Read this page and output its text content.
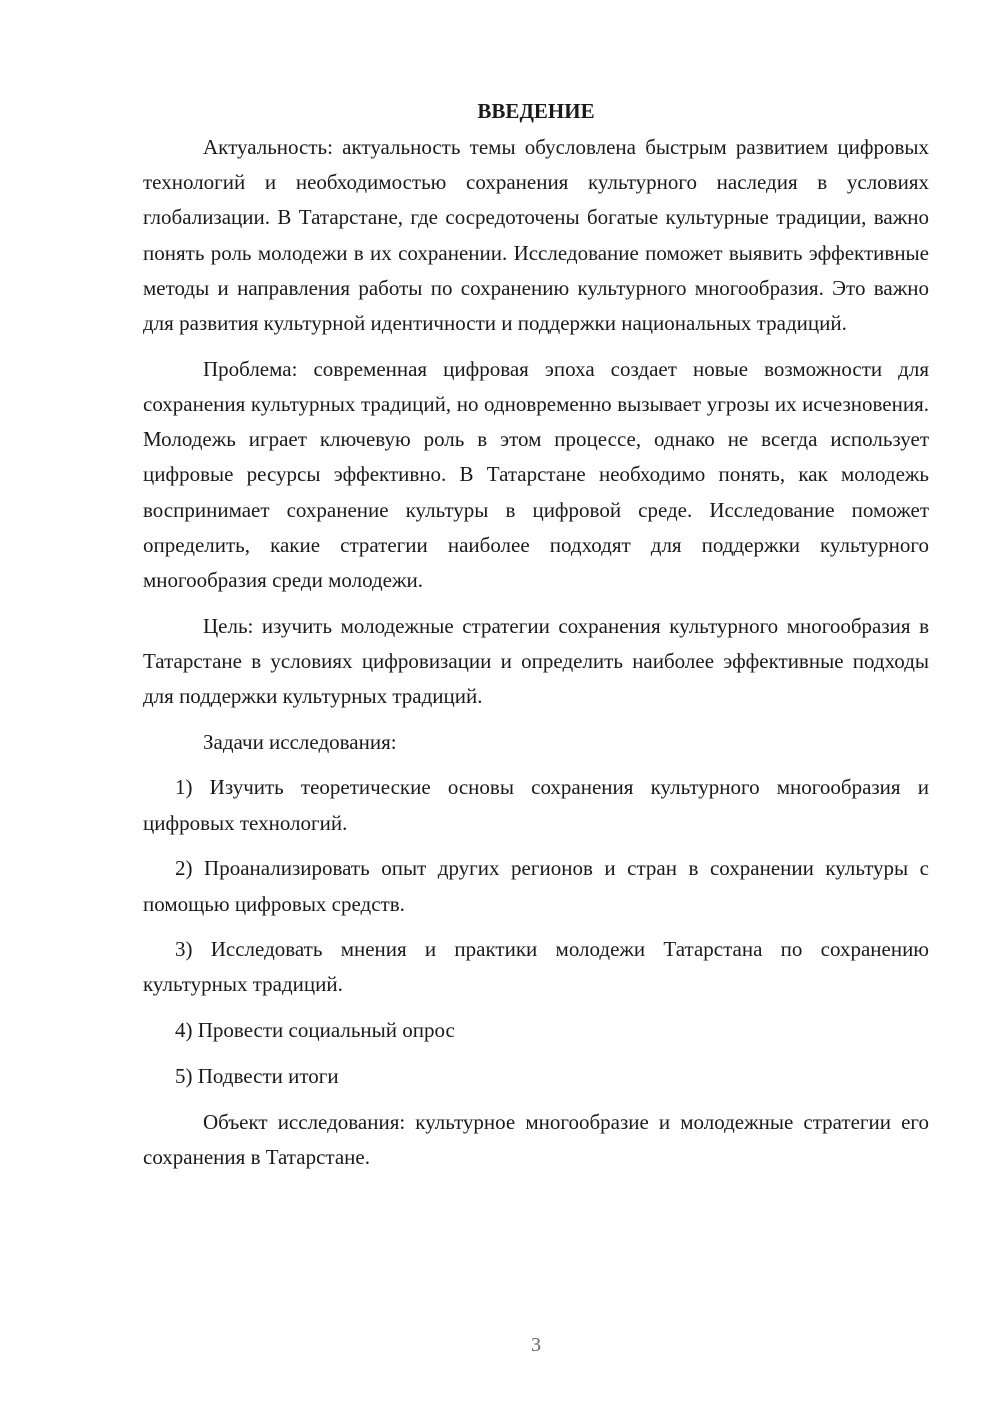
ВВЕДЕНИЕ

Актуальность: актуальность темы обусловлена быстрым развитием цифровых технологий и необходимостью сохранения культурного наследия в условиях глобализации. В Татарстане, где сосредоточены богатые культурные традиции, важно понять роль молодежи в их сохранении. Исследование поможет выявить эффективные методы и направления работы по сохранению культурного многообразия. Это важно для развития культурной идентичности и поддержки национальных традиций.

Проблема: современная цифровая эпоха создает новые возможности для сохранения культурных традиций, но одновременно вызывает угрозы их исчезновения. Молодежь играет ключевую роль в этом процессе, однако не всегда использует цифровые ресурсы эффективно. В Татарстане необходимо понять, как молодежь воспринимает сохранение культуры в цифровой среде. Исследование поможет определить, какие стратегии наиболее подходят для поддержки культурного многообразия среди молодежи.

Цель: изучить молодежные стратегии сохранения культурного многообразия в Татарстане в условиях цифровизации и определить наиболее эффективные подходы для поддержки культурных традиций.

Задачи исследования:

1) Изучить теоретические основы сохранения культурного многообразия и цифровых технологий.

2) Проанализировать опыт других регионов и стран в сохранении культуры с помощью цифровых средств.

3) Исследовать мнения и практики молодежи Татарстана по сохранению культурных традиций.

4) Провести социальный опрос

5) Подвести итоги

Объект исследования: культурное многообразие и молодежные стратегии его сохранения в Татарстане.

3
